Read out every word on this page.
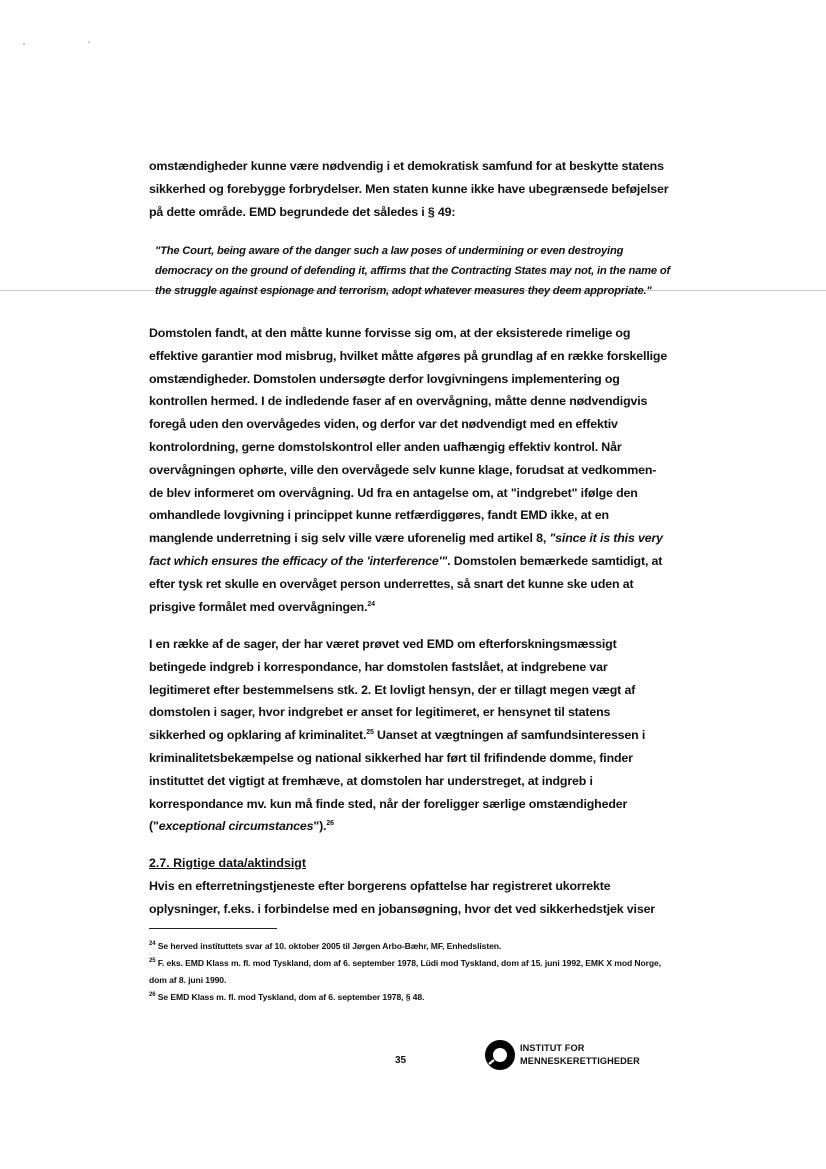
omstændigheder kunne være nødvendig i et demokratisk samfund for at beskytte statens sikkerhed og forebygge forbrydelser. Men staten kunne ikke have ubegrænsede beføjelser på dette område. EMD begrundede det således i § 49:

"The Court, being aware of the danger such a law poses of undermining or even destroying democracy on the ground of defending it, affirms that the Contracting States may not, in the name of the struggle against espionage and terrorism, adopt whatever measures they deem appropriate."

Domstolen fandt, at den måtte kunne forvisse sig om, at der eksisterede rimelige og effektive garantier mod misbrug, hvilket måtte afgøres på grundlag af en række forskellige omstændigheder. Domstolen undersøgte derfor lovgivningens implementering og kontrollen hermed. I de indledende faser af en overvågning, måtte denne nødvendigvis foregå uden den overvågedes viden, og derfor var det nødvendigt med en effektiv kontrolordning, gerne domstolskontrol eller anden uafhængig effektiv kontrol. Når overvågningen ophørte, ville den overvågede selv kunne klage, forudsat at vedkommen-de blev informeret om overvågning. Ud fra en antagelse om, at "indgrebet" ifølge den omhandlede lovgivning i princippet kunne retfærdiggøres, fandt EMD ikke, at en manglende underretning i sig selv ville være uforenelig med artikel 8, "since it is this very fact which ensures the efficacy of the 'interference'". Domstolen bemærkede samtidigt, at efter tysk ret skulle en overvåget person underrettes, så snart det kunne ske uden at prisgive formålet med overvågningen.$^{24}$

I en række af de sager, der har været prøvet ved EMD om efterforskningsmæssigt betingede indgreb i korrespondance, har domstolen fastslået, at indgrebene var legitimeret efter bestemmelsens stk. 2. Et lovligt hensyn, der er tillagt megen vægt af domstolen i sager, hvor indgrebet er anset for legitimeret, er hensynet til statens sikkerhed og opklaring af kriminalitet.$^{25}$ Uanset at vægtningen af samfundsinteressen i kriminalitetsbekæmpelse og national sikkerhed har ført til frifindende domme, finder instituttet det vigtigt at fremhæve, at domstolen har understreget, at indgreb i korrespondance mv. kun må finde sted, når der foreligger særlige omstændigheder ("exceptional circumstances").$^{26}$

2.7. Rigtige data/aktindsigt

Hvis en efterretningstjeneste efter borgerens opfattelse har registreret ukorrekte oplysninger, f.eks. i forbindelse med en jobansøgning, hvor det ved sikkerhedstjek viser

$^{24}$ Se herved instituttets svar af 10. oktober 2005 til Jørgen Arbo-Bæhr, MF, Enhedslisten.

$^{25}$ F. eks. EMD Klass m. fl. mod Tyskland, dom af 6. september 1978, Lüdi mod Tyskland, dom af 15. juni 1992, EMK X mod Norge, dom af 8. juni 1990.

$^{26}$ Se EMD Klass m. fl. mod Tyskland, dom af 6. september 1978, § 48.

35
INSTITUT FOR
MENNESKERETTIGHEDER
